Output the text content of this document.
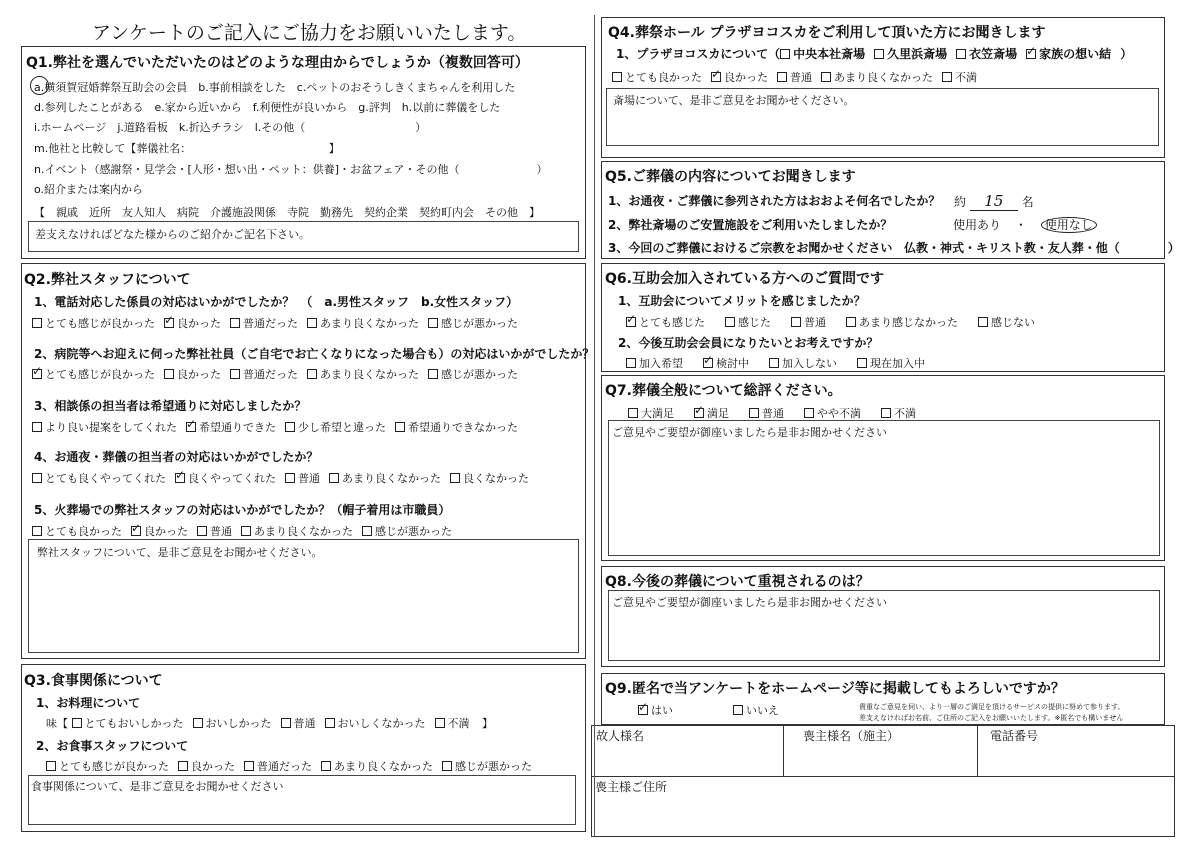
アンケートのご記入にご協力をお願いいたします。
Q1.弊社を選んでいただいたのはどのような理由からでしょうか（複数回答可）
a.横須賀冠婚葬祭互助会の会員　b.事前相談をした　c.ペットのおそうしきくまちゃんを利用した
d.参列したことがある　e.家から近いから　f.利便性が良いから　g.評判　h.以前に葬儀をした
i.ホームページ　j.道路看板　k.折込チラシ　l.その他（　　　　　　　　　　）
m.他社と比較して【葬儀社名：　　　　　　　　　　　　　】
n.イベント（感謝祭・見学会・[人形・想い出・ペット：供養]・お盆フェア・その他（　　　　　　　）
o.紹介または案内から
【　親戚　近所　友人知人　病院　介護施設関係　寺院　勤務先　契約企業　契約町内会　その他　】
差支えなければどなた様からのご紹介かご記名下さい。
Q2.弊社スタッフについて
1、電話対応した係員の対応はいかがでしたか？　（　a.男性スタッフ　b.女性スタッフ）
とても感じが良かった ✓ 良かった 普通だった あまり良くなかった 感じが悪かった
2、病院等へお迎えに伺った弊社社員（ご自宅でお亡くなりになった場合も）の対応はいかがでしたか？
✓とても感じが良かった 良かった 普通だった あまり良くなかった 感じが悪かった
3、相談係の担当者は希望通りに対応しましたか？
より良い提案をしてくれた ✓ 希望通りできた 少し希望と違った 希望通りできなかった
4、お通夜・葬儀の担当者の対応はいかがでしたか？
とても良くやってくれた ✓ 良くやってくれた 普通 あまり良くなかった 良くなかった
5、火葬場での弊社スタッフの対応はいかがでしたか？（帽子着用は市職員）
とても良かった ✓ 良かった 普通 あまり良くなかった 感じが悪かった
弊社スタッフについて、是非ご意見をお聞かせください。
Q3.食事関係について
1、お料理について
味【 とてもおいしかった おいしかった 普通 おいしくなかった 不満 】
2、お食事スタッフについて
とても感じが良かった 良かった 普通だった あまり良くなかった 感じが悪かった
食事関係について、是非ご意見をお聞かせください
Q4.葬祭ホール プラザヨコスカをご利用して頂いた方にお聞きします
1、プラザヨコスカについて（ 中央本社斎場 久里浜斎場 衣笠斎場 ✓ 家族の想い結 ）
とても良かった ✓ 良かった 普通 あまり良くなかった 不満
斎場について、是非ご意見をお聞かせください。
Q5.ご葬儀の内容についてお聞きします
1、お通夜・ご葬儀に参列された方はおおよそ何名でしたか？ 約 15 名
2、弊社斎場のご安置施設をご利用いたしましたか？	使用あり ・ 使用なし
3、今回のご葬儀におけるご宗教をお聞かせください 仏教・神式・キリスト教・友人葬・他（　　　　）
Q6.互助会加入されている方へのご質問です
1、互助会についてメリットを感じましたか？
✓とても感じた	感じた	普通	あまり感じなかった	感じない
2、今後互助会会員になりたいとお考えですか？
加入希望 ✓	検討中	加入しない	現在加入中
Q7.葬儀全般について総評ください。
大満足 ✓	満足	普通	やや不満	不満
ご意見やご要望が御座いましたら是非お聞かせください
Q8.今後の葬儀について重視されるのは？
ご意見やご要望が御座いましたら是非お聞かせください
Q9.匿名で当アンケートをホームページ等に掲載してもよろしいですか？
✓はい	いいえ	貴重なご意見を伺い、より一層のご満足を頂けるサービスの提供に努めて参ります。
差支えなければお名前、ご住所のご記入をお願いいたします。※匿名でも構いません
故人様名	喪主様名（施主）	電話番号
喪主様ご住所
